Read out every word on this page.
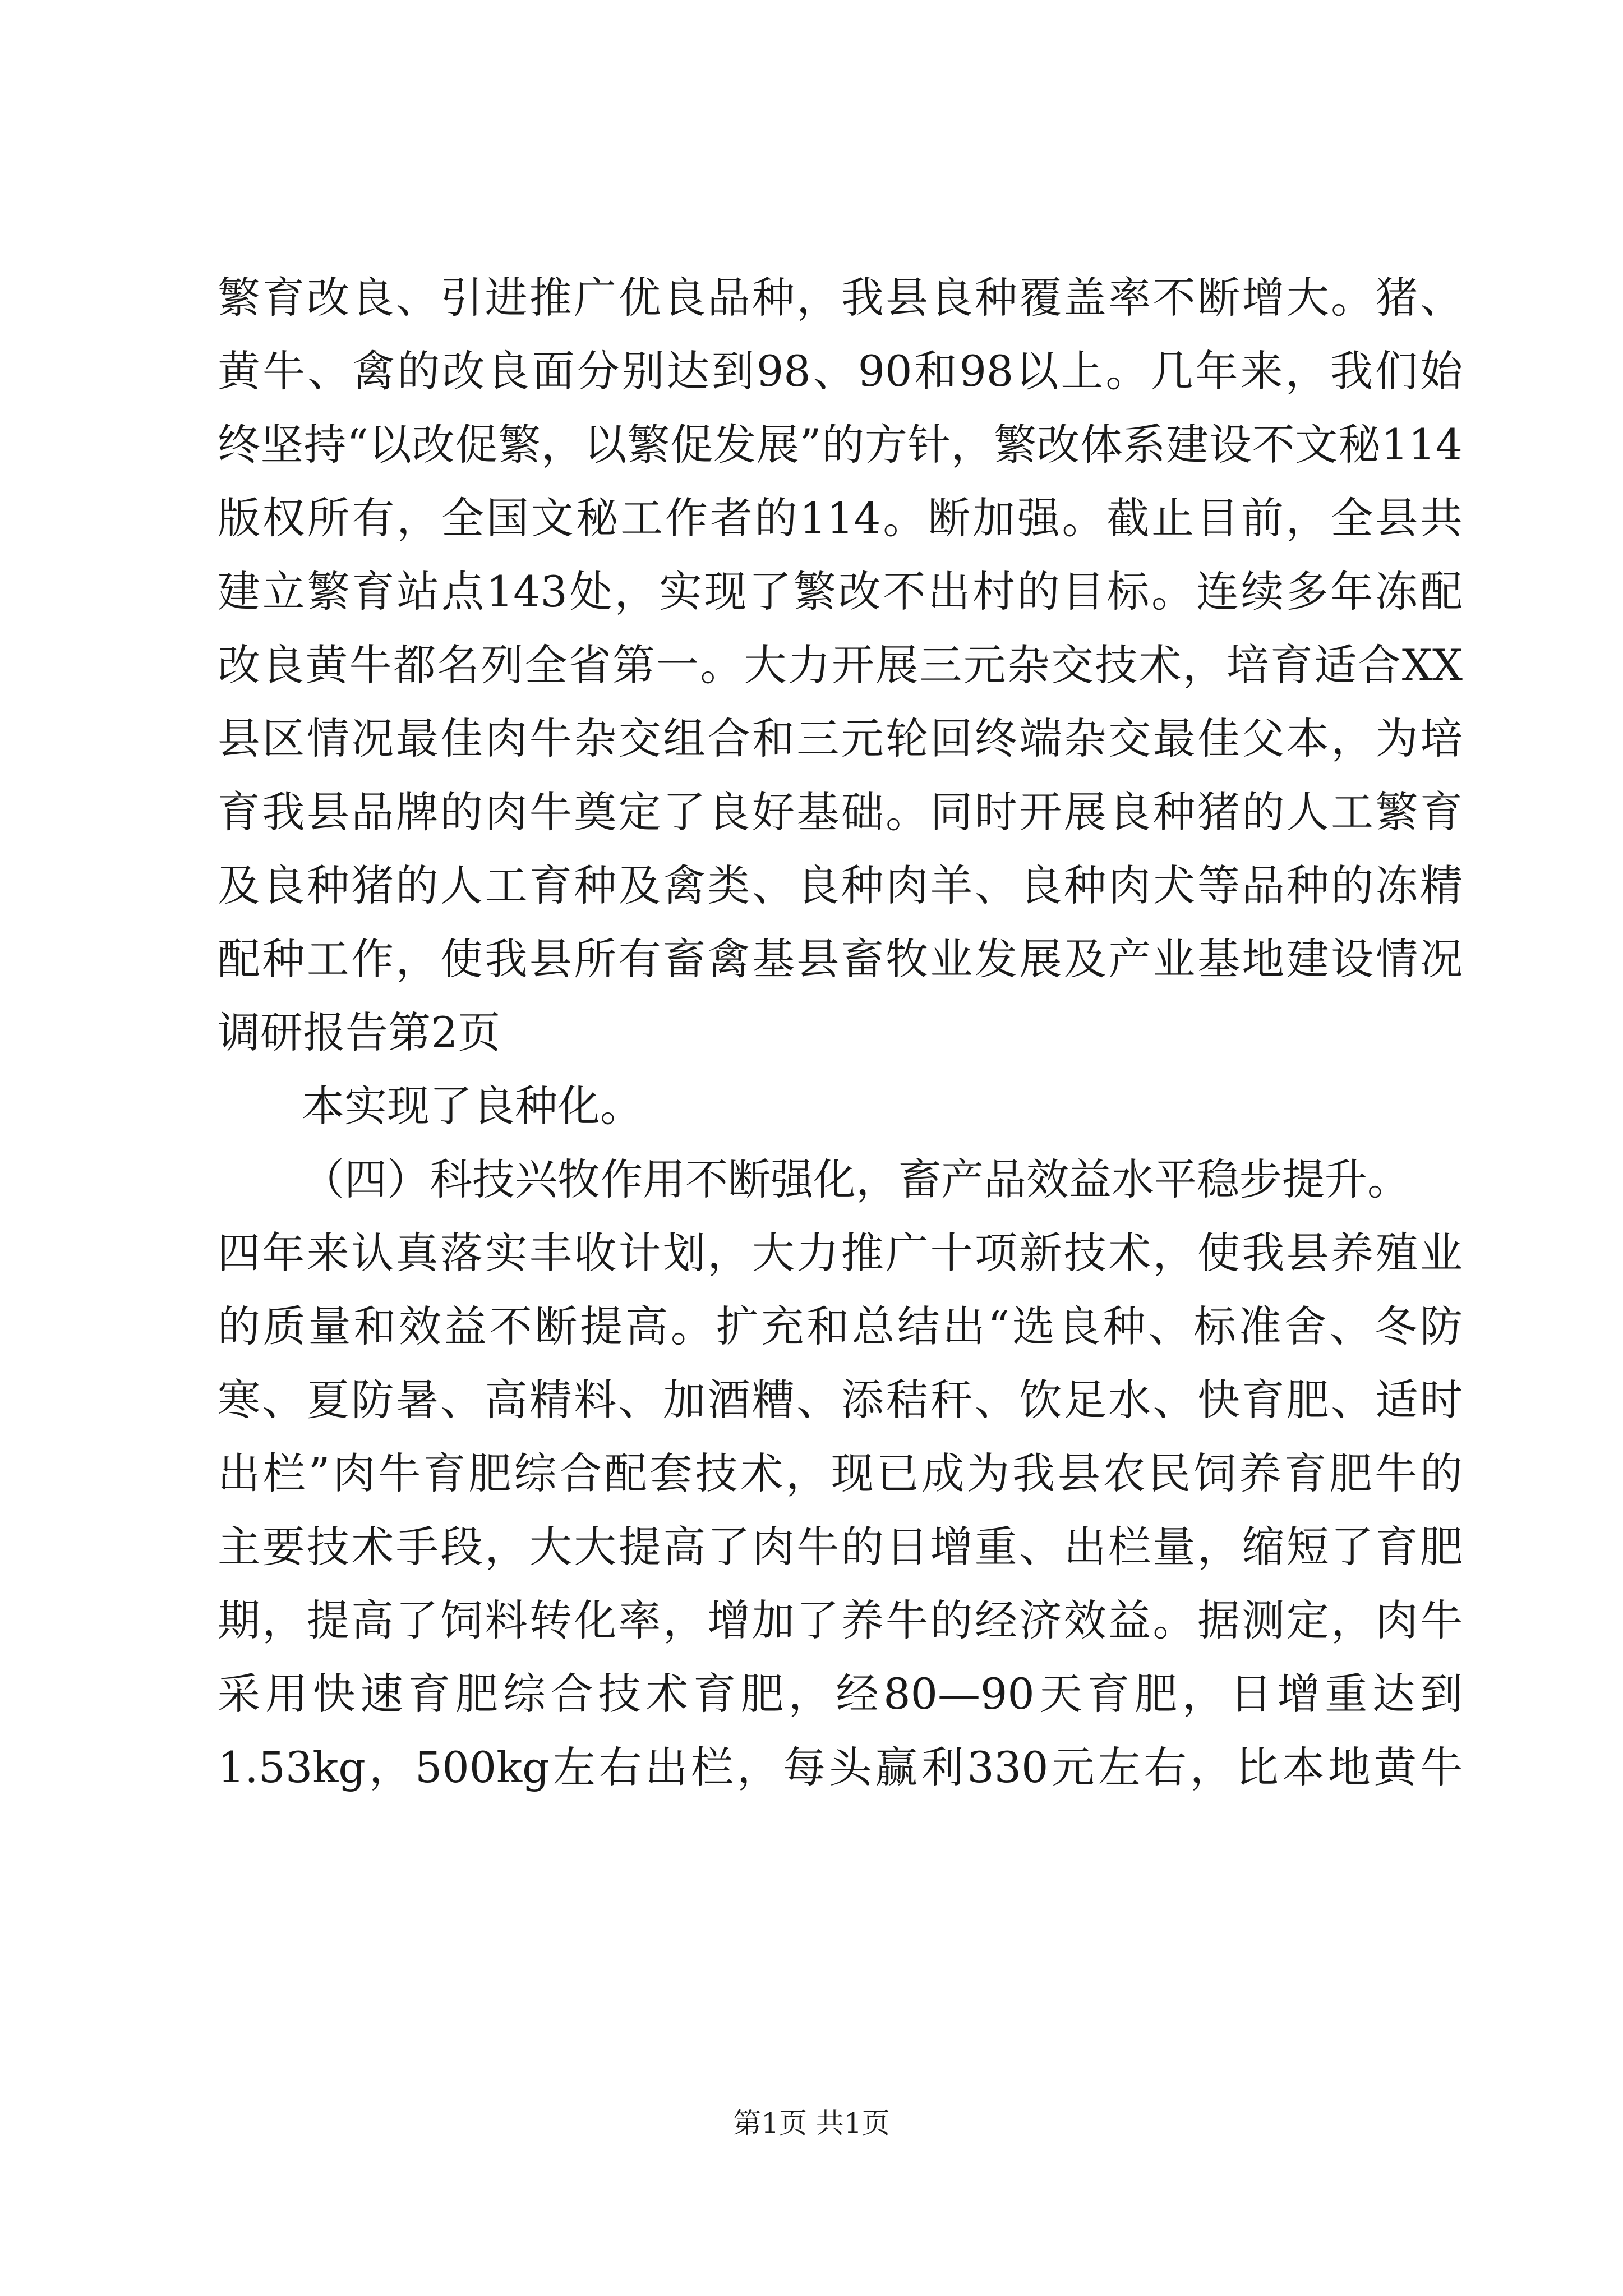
繁育改良、引进推广优良品种，我县良种覆盖率不断增大。猪、
黄牛、禽的改良面分别达到98、90和98以上。几年来，我们始
终坚持“以改促繁，以繁促发展”的方针，繁改体系建设不文秘114
版权所有，全国文秘工作者的114。断加强。截止目前，全县共
建立繁育站点143处，实现了繁改不出村的目标。连续多年冻配
改良黄牛都名列全省第一。大力开展三元杂交技术，培育适合XX
县区情况最佳肉牛杂交组合和三元轮回终端杂交最佳父本，为培
育我县品牌的肉牛奠定了良好基础。同时开展良种猪的人工繁育
及良种猪的人工育种及禽类、良种肉羊、良种肉犬等品种的冻精
配种工作，使我县所有畜禽基县畜牧业发展及产业基地建设情况
调研报告第2页
本实现了良种化。
（四）科技兴牧作用不断强化，畜产品效益水平稳步提升。
四年来认真落实丰收计划，大力推广十项新技术，使我县养殖业
的质量和效益不断提高。扩充和总结出“选良种、标准舍、冬防
寒、夏防暑、高精料、加酒糟、添秸秆、饮足水、快育肥、适时
出栏”肉牛育肥综合配套技术，现已成为我县农民饲养育肥牛的
主要技术手段，大大提高了肉牛的日增重、出栏量，缩短了育肥
期，提高了饲料转化率，增加了养牛的经济效益。据测定，肉牛
采用快速育肥综合技术育肥，经80—90天育肥，日增重达到
1.53kg，500kg左右出栏，每头赢利330元左右，比本地黄牛
第1页 共1页
